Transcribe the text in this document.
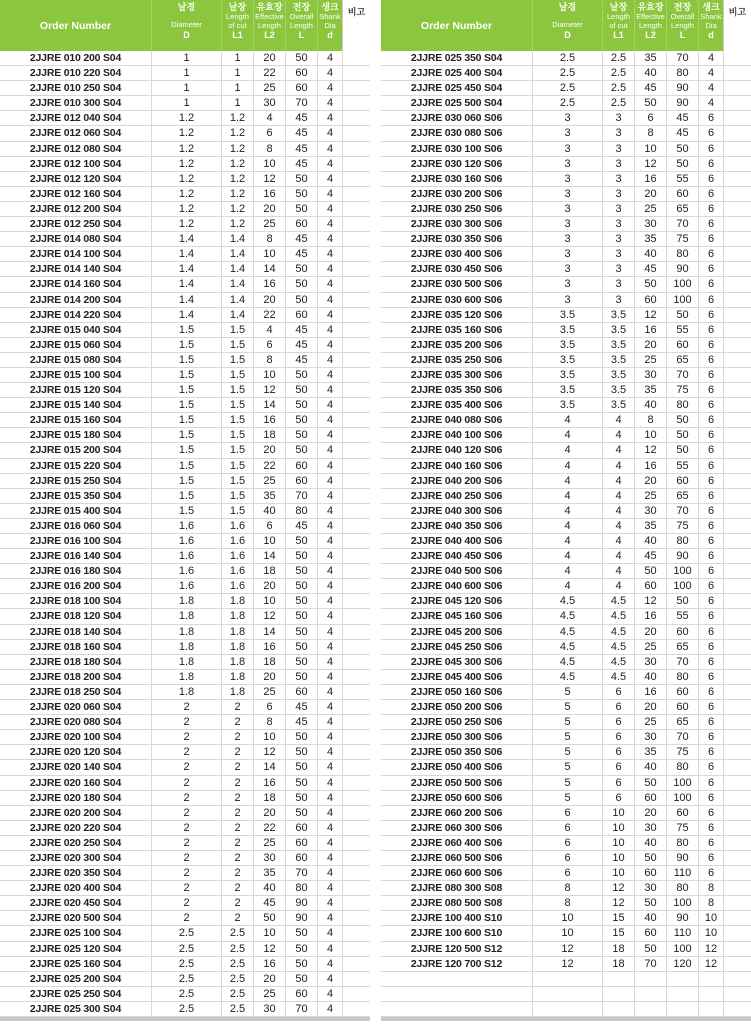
Order Number
날경
Diameter
D
날장
Length
of cut
L1
유효장
Effective
Length
L2
전장
Overall
Length
L
생크
Shank
Dia
d
비고
2JJRE 010 200 S04	1	1	20	50	4
2JJRE 010 220 S04	1	1	22	60	4
2JJRE 010 250 S04	1	1	25	60	4
2JJRE 010 300 S04	1	1	30	70	4
2JJRE 012 040 S04	1.2	1.2	4	45	4
2JJRE 012 060 S04	1.2	1.2	6	45	4
2JJRE 012 080 S04	1.2	1.2	8	45	4
2JJRE 012 100 S04	1.2	1.2	10	45	4
2JJRE 012 120 S04	1.2	1.2	12	50	4
2JJRE 012 160 S04	1.2	1.2	16	50	4
2JJRE 012 200 S04	1.2	1.2	20	50	4
2JJRE 012 250 S04	1.2	1.2	25	60	4
2JJRE 014 080 S04	1.4	1.4	8	45	4
2JJRE 014 100 S04	1.4	1.4	10	45	4
2JJRE 014 140 S04	1.4	1.4	14	50	4
2JJRE 014 160 S04	1.4	1.4	16	50	4
2JJRE 014 200 S04	1.4	1.4	20	50	4
2JJRE 014 220 S04	1.4	1.4	22	60	4
2JJRE 015 040 S04	1.5	1.5	4	45	4
2JJRE 015 060 S04	1.5	1.5	6	45	4
2JJRE 015 080 S04	1.5	1.5	8	45	4
2JJRE 015 100 S04	1.5	1.5	10	50	4
2JJRE 015 120 S04	1.5	1.5	12	50	4
2JJRE 015 140 S04	1.5	1.5	14	50	4
2JJRE 015 160 S04	1.5	1.5	16	50	4
2JJRE 015 180 S04	1.5	1.5	18	50	4
2JJRE 015 200 S04	1.5	1.5	20	50	4
2JJRE 015 220 S04	1.5	1.5	22	60	4
2JJRE 015 250 S04	1.5	1.5	25	60	4
2JJRE 015 350 S04	1.5	1.5	35	70	4
2JJRE 015 400 S04	1.5	1.5	40	80	4
2JJRE 016 060 S04	1.6	1.6	6	45	4
2JJRE 016 100 S04	1.6	1.6	10	50	4
2JJRE 016 140 S04	1.6	1.6	14	50	4
2JJRE 016 180 S04	1.6	1.6	18	50	4
2JJRE 016 200 S04	1.6	1.6	20	50	4
2JJRE 018 100 S04	1.8	1.8	10	50	4
2JJRE 018 120 S04	1.8	1.8	12	50	4
2JJRE 018 140 S04	1.8	1.8	14	50	4
2JJRE 018 160 S04	1.8	1.8	16	50	4
2JJRE 018 180 S04	1.8	1.8	18	50	4
2JJRE 018 200 S04	1.8	1.8	20	50	4
2JJRE 018 250 S04	1.8	1.8	25	60	4
2JJRE 020 060 S04	2	2	6	45	4
2JJRE 020 080 S04	2	2	8	45	4
2JJRE 020 100 S04	2	2	10	50	4
2JJRE 020 120 S04	2	2	12	50	4
2JJRE 020 140 S04	2	2	14	50	4
2JJRE 020 160 S04	2	2	16	50	4
2JJRE 020 180 S04	2	2	18	50	4
2JJRE 020 200 S04	2	2	20	50	4
2JJRE 020 220 S04	2	2	22	60	4
2JJRE 020 250 S04	2	2	25	60	4
2JJRE 020 300 S04	2	2	30	60	4
2JJRE 020 350 S04	2	2	35	70	4
2JJRE 020 400 S04	2	2	40	80	4
2JJRE 020 450 S04	2	2	45	90	4
2JJRE 020 500 S04	2	2	50	90	4
2JJRE 025 100 S04	2.5	2.5	10	50	4
2JJRE 025 120 S04	2.5	2.5	12	50	4
2JJRE 025 160 S04	2.5	2.5	16	50	4
2JJRE 025 200 S04	2.5	2.5	20	50	4
2JJRE 025 250 S04	2.5	2.5	25	60	4
2JJRE 025 300 S04	2.5	2.5	30	70	4
Order Number
날경
Diameter
D
날장
Length
of cut
L1
유효장
Effective
Length
L2
전장
Overall
Length
L
생크
Shank
Dia
d
비고
2JJRE 025 350 S04	2.5	2.5	35	70	4
2JJRE 025 400 S04	2.5	2.5	40	80	4
2JJRE 025 450 S04	2.5	2.5	45	90	4
2JJRE 025 500 S04	2.5	2.5	50	90	4
2JJRE 030 060 S06	3	3	6	45	6
2JJRE 030 080 S06	3	3	8	45	6
2JJRE 030 100 S06	3	3	10	50	6
2JJRE 030 120 S06	3	3	12	50	6
2JJRE 030 160 S06	3	3	16	55	6
2JJRE 030 200 S06	3	3	20	60	6
2JJRE 030 250 S06	3	3	25	65	6
2JJRE 030 300 S06	3	3	30	70	6
2JJRE 030 350 S06	3	3	35	75	6
2JJRE 030 400 S06	3	3	40	80	6
2JJRE 030 450 S06	3	3	45	90	6
2JJRE 030 500 S06	3	3	50	100	6
2JJRE 030 600 S06	3	3	60	100	6
2JJRE 035 120 S06	3.5	3.5	12	50	6
2JJRE 035 160 S06	3.5	3.5	16	55	6
2JJRE 035 200 S06	3.5	3.5	20	60	6
2JJRE 035 250 S06	3.5	3.5	25	65	6
2JJRE 035 300 S06	3.5	3.5	30	70	6
2JJRE 035 350 S06	3.5	3.5	35	75	6
2JJRE 035 400 S06	3.5	3.5	40	80	6
2JJRE 040 080 S06	4	4	8	50	6
2JJRE 040 100 S06	4	4	10	50	6
2JJRE 040 120 S06	4	4	12	50	6
2JJRE 040 160 S06	4	4	16	55	6
2JJRE 040 200 S06	4	4	20	60	6
2JJRE 040 250 S06	4	4	25	65	6
2JJRE 040 300 S06	4	4	30	70	6
2JJRE 040 350 S06	4	4	35	75	6
2JJRE 040 400 S06	4	4	40	80	6
2JJRE 040 450 S06	4	4	45	90	6
2JJRE 040 500 S06	4	4	50	100	6
2JJRE 040 600 S06	4	4	60	100	6
2JJRE 045 120 S06	4.5	4.5	12	50	6
2JJRE 045 160 S06	4.5	4.5	16	55	6
2JJRE 045 200 S06	4.5	4.5	20	60	6
2JJRE 045 250 S06	4.5	4.5	25	65	6
2JJRE 045 300 S06	4.5	4.5	30	70	6
2JJRE 045 400 S06	4.5	4.5	40	80	6
2JJRE 050 160 S06	5	6	16	60	6
2JJRE 050 200 S06	5	6	20	60	6
2JJRE 050 250 S06	5	6	25	65	6
2JJRE 050 300 S06	5	6	30	70	6
2JJRE 050 350 S06	5	6	35	75	6
2JJRE 050 400 S06	5	6	40	80	6
2JJRE 050 500 S06	5	6	50	100	6
2JJRE 050 600 S06	5	6	60	100	6
2JJRE 060 200 S06	6	10	20	60	6
2JJRE 060 300 S06	6	10	30	75	6
2JJRE 060 400 S06	6	10	40	80	6
2JJRE 060 500 S06	6	10	50	90	6
2JJRE 060 600 S06	6	10	60	110	6
2JJRE 080 300 S08	8	12	30	80	8
2JJRE 080 500 S08	8	12	50	100	8
2JJRE 100 400 S10	10	15	40	90	10
2JJRE 100 600 S10	10	15	60	110	10
2JJRE 120 500 S12	12	18	50	100	12
2JJRE 120 700 S12	12	18	70	120	12
